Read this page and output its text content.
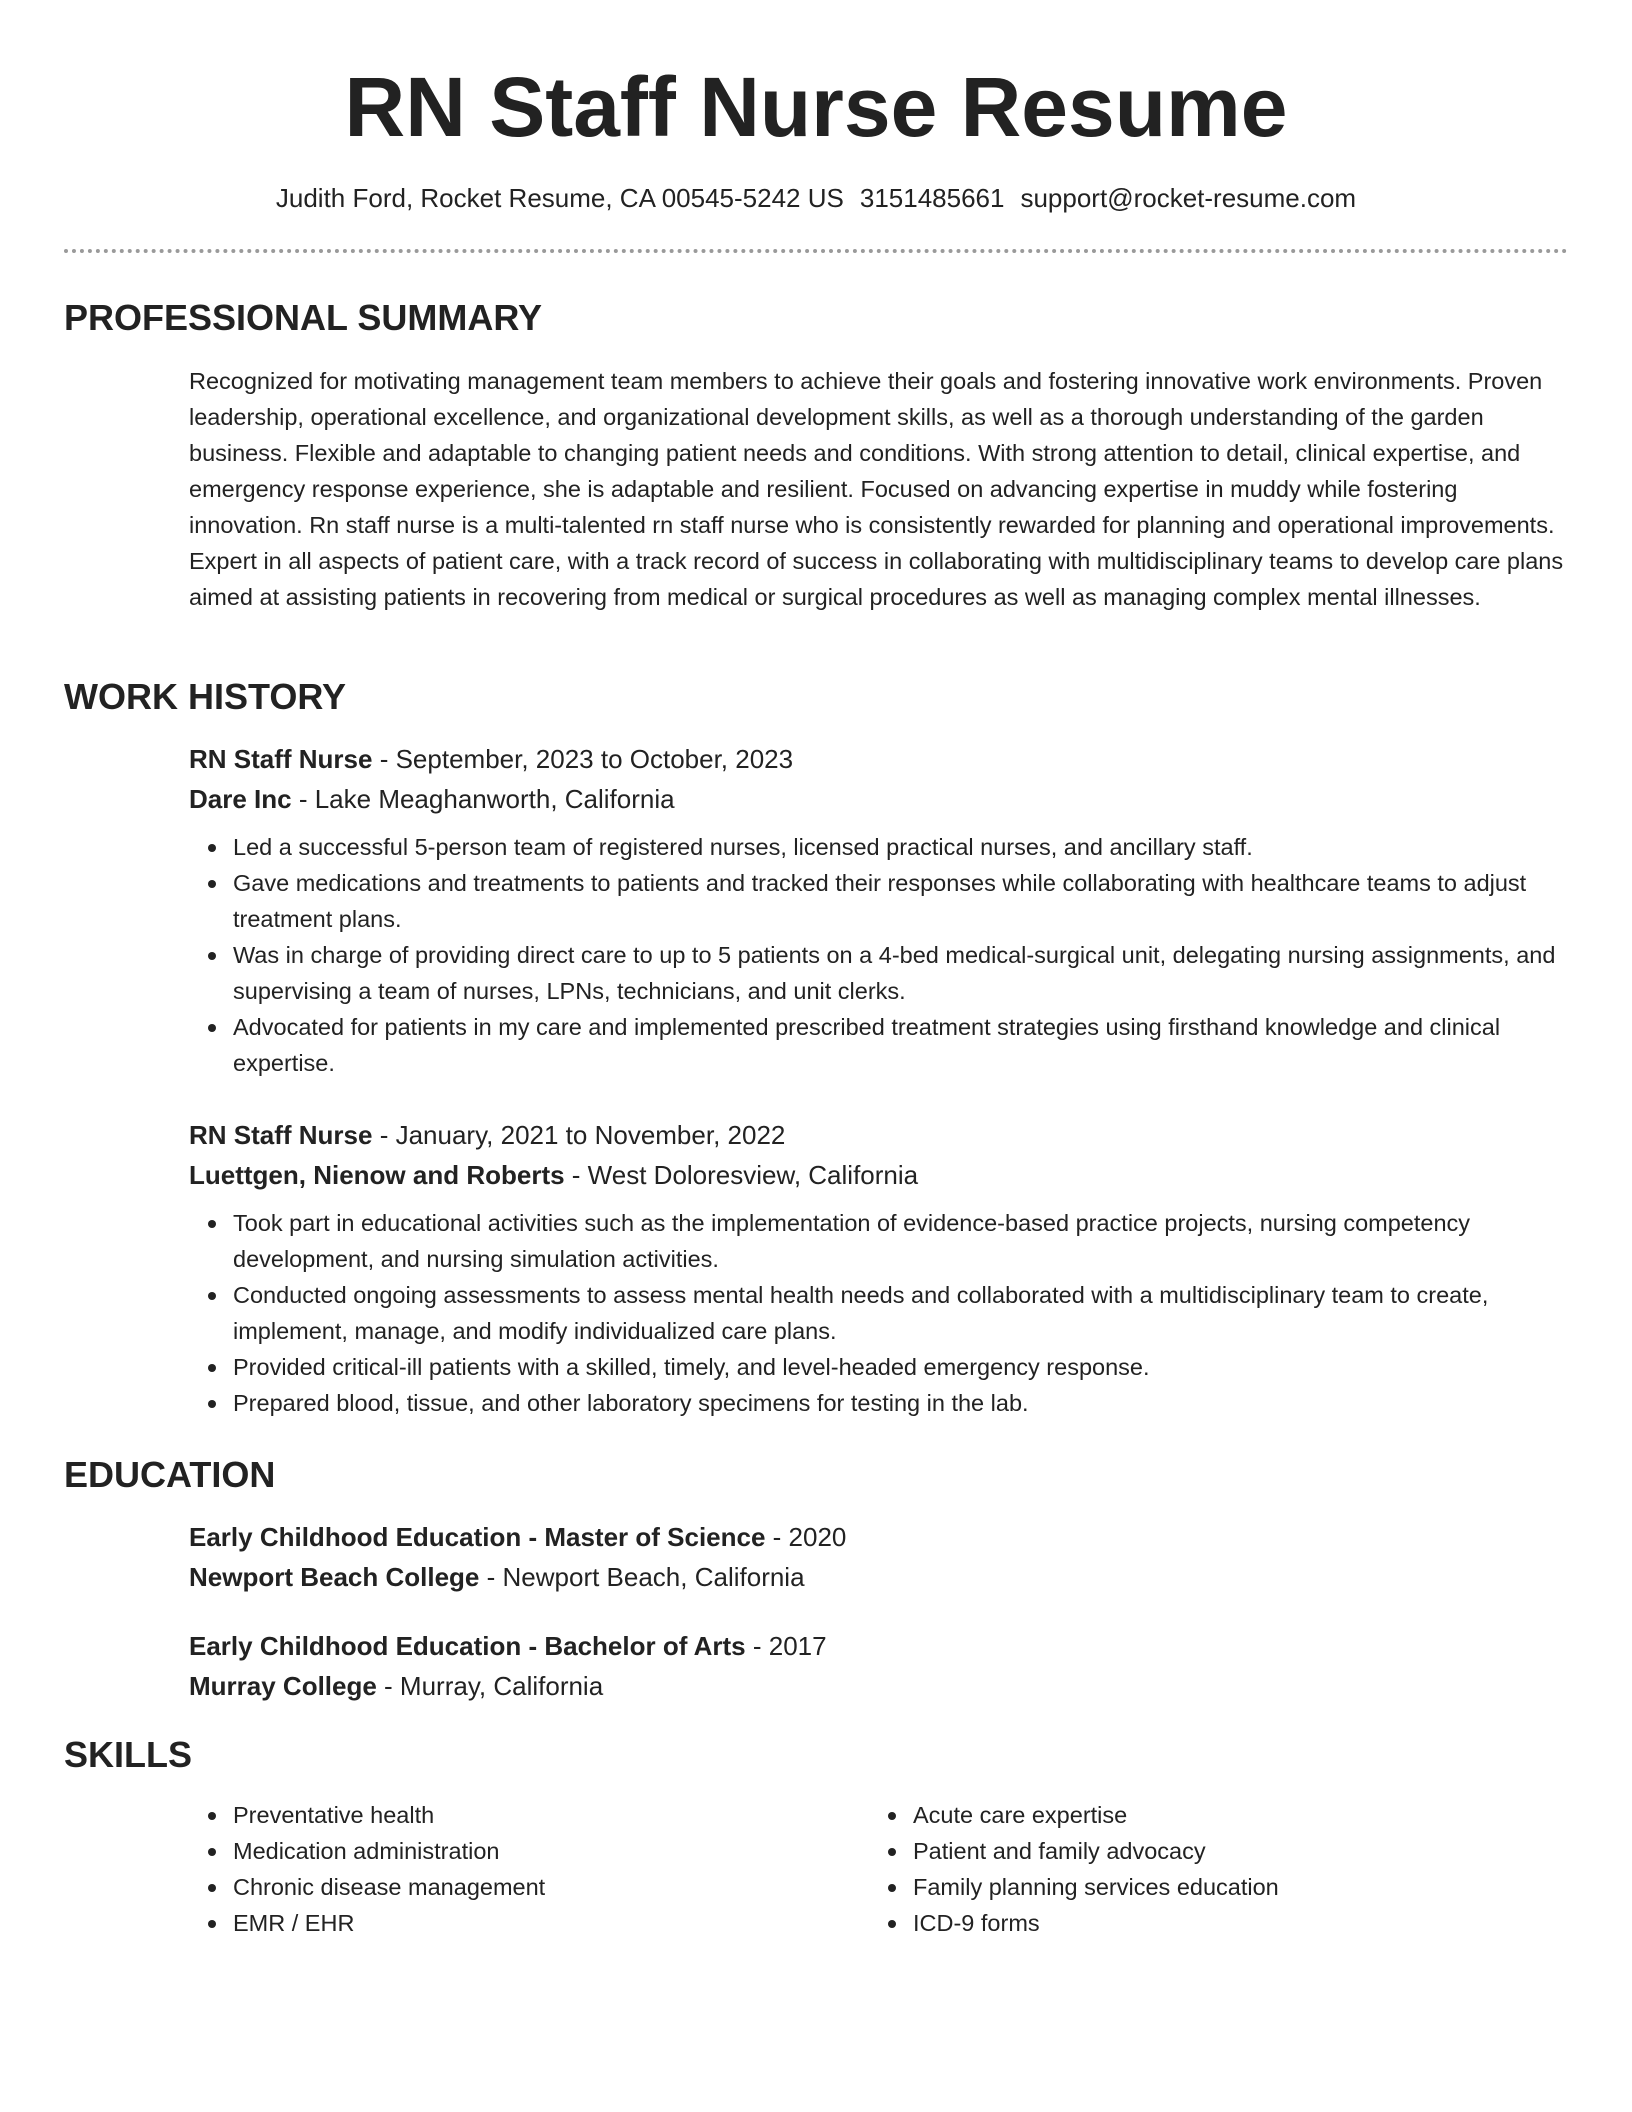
RN Staff Nurse Resume
Judith Ford, Rocket Resume, CA 00545-5242 US 3151485661 support@rocket-resume.com
PROFESSIONAL SUMMARY

Recognized for motivating management team members to achieve their goals and fostering innovative work environments. Proven leadership, operational excellence, and organizational development skills, as well as a thorough understanding of the garden business. Flexible and adaptable to changing patient needs and conditions. With strong attention to detail, clinical expertise, and emergency response experience, she is adaptable and resilient. Focused on advancing expertise in muddy while fostering innovation. Rn staff nurse is a multi-talented rn staff nurse who is consistently rewarded for planning and operational improvements. Expert in all aspects of patient care, with a track record of success in collaborating with multidisciplinary teams to develop care plans aimed at assisting patients in recovering from medical or surgical procedures as well as managing complex mental illnesses.

WORK HISTORY
RN Staff Nurse - September, 2023 to October, 2023
Dare Inc - Lake Meaghanworth, California
Led a successful 5-person team of registered nurses, licensed practical nurses, and ancillary staff.
Gave medications and treatments to patients and tracked their responses while collaborating with healthcare teams to adjust treatment plans.
Was in charge of providing direct care to up to 5 patients on a 4-bed medical-surgical unit, delegating nursing assignments, and supervising a team of nurses, LPNs, technicians, and unit clerks.
Advocated for patients in my care and implemented prescribed treatment strategies using firsthand knowledge and clinical expertise.
RN Staff Nurse - January, 2021 to November, 2022
Luettgen, Nienow and Roberts - West Doloresview, California
Took part in educational activities such as the implementation of evidence-based practice projects, nursing competency development, and nursing simulation activities.
Conducted ongoing assessments to assess mental health needs and collaborated with a multidisciplinary team to create, implement, manage, and modify individualized care plans.
Provided critical-ill patients with a skilled, timely, and level-headed emergency response.
Prepared blood, tissue, and other laboratory specimens for testing in the lab.
EDUCATION
Early Childhood Education - Master of Science - 2020
Newport Beach College - Newport Beach, California
Early Childhood Education - Bachelor of Arts - 2017
Murray College - Murray, California
SKILLS
Preventative health
Medication administration
Chronic disease management
EMR / EHR
Acute care expertise
Patient and family advocacy
Family planning services education
ICD-9 forms
